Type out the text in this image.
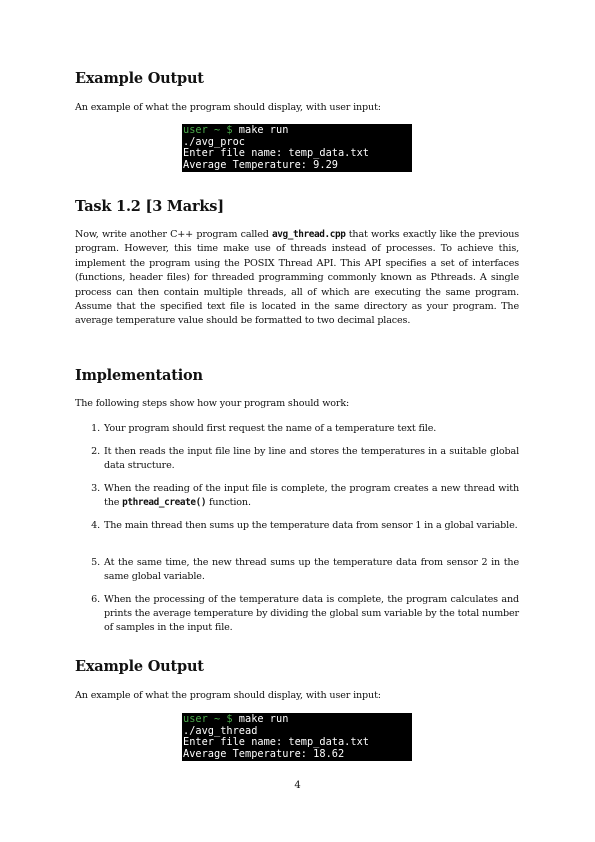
Example Output
An example of what the program should display, with user input:
user ~ $ make run
./avg_proc
Enter file name: temp_data.txt
Average Temperature: 9.29
Task 1.2 [3 Marks]
Now, write another C++ program called avg_thread.cpp that works exactly like the previous program. However, this time make use of threads instead of processes. To achieve this, implement the program using the POSIX Thread API. This API specifies a set of interfaces (functions, header files) for threaded programming commonly known as Pthreads. A single process can then contain multiple threads, all of which are executing the same program. Assume that the specified text file is located in the same directory as your program. The average temperature value should be formatted to two decimal places.
Implementation
The following steps show how your program should work:
1. Your program should first request the name of a temperature text file.
2. It then reads the input file line by line and stores the temperatures in a suitable global data structure.
3. When the reading of the input file is complete, the program creates a new thread with the pthread_create() function.
4. The main thread then sums up the temperature data from sensor 1 in a global variable.
5. At the same time, the new thread sums up the temperature data from sensor 2 in the same global variable.
6. When the processing of the temperature data is complete, the program calculates and prints the average temperature by dividing the global sum variable by the total number of samples in the input file.
Example Output
An example of what the program should display, with user input:
user ~ $ make run
./avg_thread
Enter file name: temp_data.txt
Average Temperature: 18.62
4
